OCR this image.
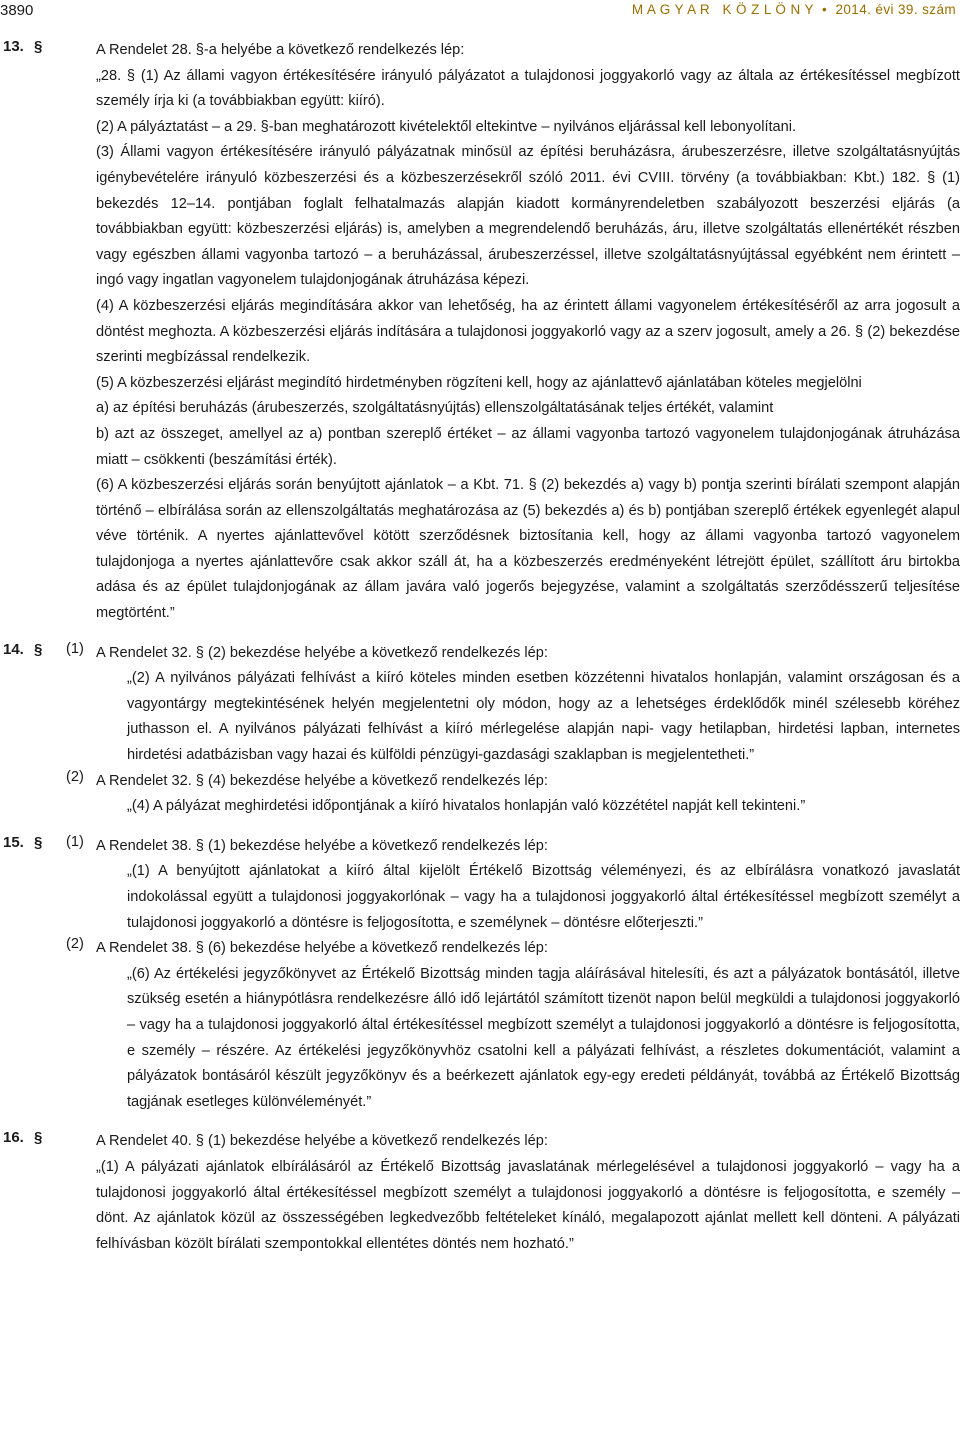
3890	M A G Y A R   K Ö Z L Ö N Y • 2014. évi 39. szám
13. §	A Rendelet 28. §-a helyébe a következő rendelkezés lép:

„28. § (1) Az állami vagyon értékesítésére irányuló pályázatot a tulajdonosi joggyakorló vagy az általa az értékesítéssel megbízott személy írja ki (a továbbiakban együtt: kiíró).

(2) A pályáztatást – a 29. §-ban meghatározott kivételektől eltekintve – nyilvános eljárással kell lebonyolítani.

(3) Állami vagyon értékesítésére irányuló pályázatnak minősül az építési beruházásra, árubeszerzésre, illetve szolgáltatásnyújtás igénybevételére irányuló közbeszerzési és a közbeszerzésekről szóló 2011. évi CVIII. törvény (a továbbiakban: Kbt.) 182. § (1) bekezdés 12–14. pontjában foglalt felhatalmazás alapján kiadott kormányrendeletben szabályozott beszerzési eljárás (a továbbiakban együtt: közbeszerzési eljárás) is, amelyben a megrendelendő beruházás, áru, illetve szolgáltatás ellenértékét részben vagy egészben állami vagyonba tartozó – a beruházással, árubeszerzéssel, illetve szolgáltatásnyújtással egyébként nem érintett – ingó vagy ingatlan vagyonelem tulajdonjogának átruházása képezi.

(4) A közbeszerzési eljárás megindítására akkor van lehetőség, ha az érintett állami vagyonelem értékesítéséről az arra jogosult a döntést meghozta. A közbeszerzési eljárás indítására a tulajdonosi joggyakorló vagy az a szerv jogosult, amely a 26. § (2) bekezdése szerinti megbízással rendelkezik.

(5) A közbeszerzési eljárást megindító hirdetményben rögzíteni kell, hogy az ajánlattevő ajánlatában köteles megjelölni

a) az építési beruházás (árubeszerzés, szolgáltatásnyújtás) ellenszolgáltatásának teljes értékét, valamint

b) azt az összeget, amellyel az a) pontban szereplő értéket – az állami vagyonba tartozó vagyonelem tulajdonjogának átruházása miatt – csökkenti (beszámítási érték).

(6) A közbeszerzési eljárás során benyújtott ajánlatok – a Kbt. 71. § (2) bekezdés a) vagy b) pontja szerinti bírálati szempont alapján történő – elbírálása során az ellenszolgáltatás meghatározása az (5) bekezdés a) és b) pontjában szereplő értékek egyenlegét alapul véve történik. A nyertes ajánlattevővel kötött szerződésnek biztosítania kell, hogy az állami vagyonba tartozó vagyonelem tulajdonjoga a nyertes ajánlattevőre csak akkor száll át, ha a közbeszerzés eredményeként létrejött épület, szállított áru birtokba adása és az épület tulajdonjogának az állam javára való jogerős bejegyzése, valamint a szolgáltatás szerződésszerű teljesítése megtörtént.”

14. § (1) A Rendelet 32. § (2) bekezdése helyébe a következő rendelkezés lép:

„(2) A nyilvános pályázati felhívást a kiíró köteles minden esetben közzétenni hivatalos honlapján, valamint országosan és a vagyontárgy megtekintésének helyén megjelentetni oly módon, hogy az a lehetséges érdeklődők minél szélesebb köréhez juthasson el. A nyilvános pályázati felhívást a kiíró mérlegelése alapján napi- vagy hetilapban, hirdetési lapban, internetes hirdetési adatbázisban vagy hazai és külföldi pénzügyi-gazdasági szaklapban is megjelentetheti.”

(2) A Rendelet 32. § (4) bekezdése helyébe a következő rendelkezés lép:

„(4) A pályázat meghirdetési időpontjának a kiíró hivatalos honlapján való közzététel napját kell tekinteni.”

15. § (1) A Rendelet 38. § (1) bekezdése helyébe a következő rendelkezés lép:

„(1) A benyújtott ajánlatokat a kiíró által kijelölt Értékelő Bizottság véleményezi, és az elbírálásra vonatkozó javaslatát indokolással együtt a tulajdonosi joggyakorlónak – vagy ha a tulajdonosi joggyakorló által értékesítéssel megbízott személyt a tulajdonosi joggyakorló a döntésre is feljogosította, e személynek – döntésre előterjeszti.”

(2) A Rendelet 38. § (6) bekezdése helyébe a következő rendelkezés lép:

„(6) Az értékelési jegyzőkönyvet az Értékelő Bizottság minden tagja aláírásával hitelesíti, és azt a pályázatok bontásától, illetve szükség esetén a hiánypótlásra rendelkezésre álló idő lejártától számított tizenöt napon belül megküldi a tulajdonosi joggyakorló – vagy ha a tulajdonosi joggyakorló által értékesítéssel megbízott személyt a tulajdonosi joggyakorló a döntésre is feljogosította, e személy – részére. Az értékelési jegyzőkönyvhöz csatolni kell a pályázati felhívást, a részletes dokumentációt, valamint a pályázatok bontásáról készült jegyzőkönyv és a beérkezett ajánlatok egy-egy eredeti példányát, továbbá az Értékelő Bizottság tagjának esetleges különvéleményét.”

16. §	A Rendelet 40. § (1) bekezdése helyébe a következő rendelkezés lép:

„(1) A pályázati ajánlatok elbírálásáról az Értékelő Bizottság javaslatának mérlegelésével a tulajdonosi joggyakorló – vagy ha a tulajdonosi joggyakorló által értékesítéssel megbízott személyt a tulajdonosi joggyakorló a döntésre is feljogosította, e személy – dönt. Az ajánlatok közül az összességében legkedvezőbb feltételeket kínáló, megalapozott ajánlat mellett kell dönteni. A pályázati felhívásban közölt bírálati szempontokkal ellentétes döntés nem hozható.”
